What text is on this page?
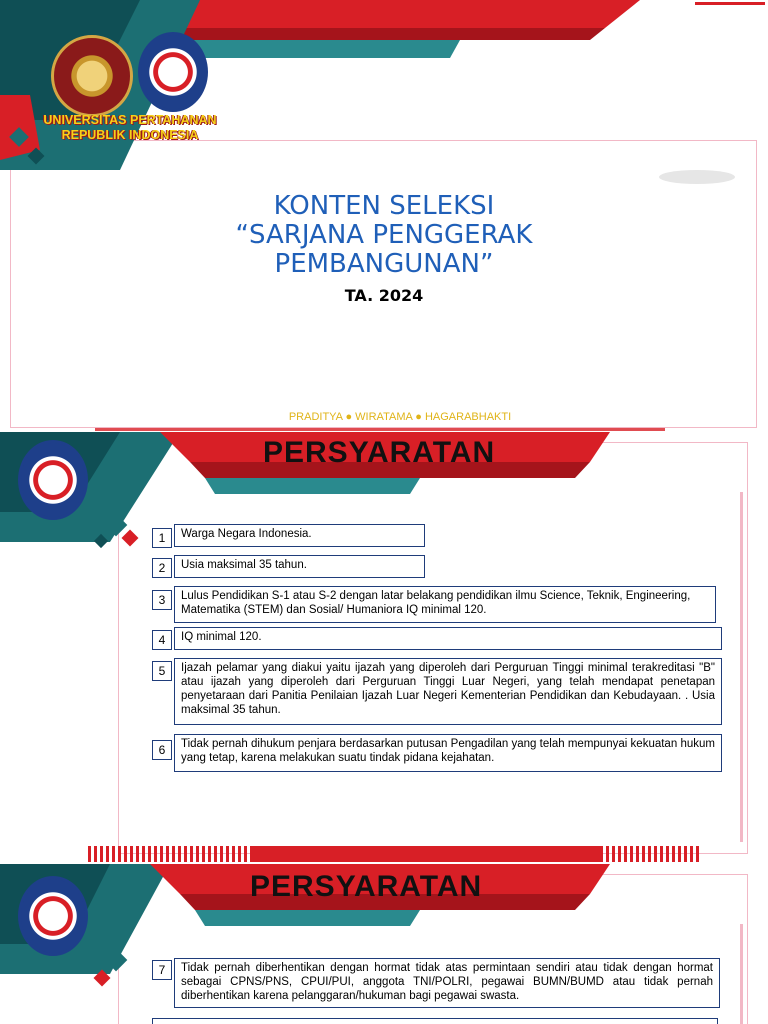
UNIVERSITAS PERTAHANAN
REPUBLIK INDONESIA
KONTEN SELEKSI
“SARJANA PENGGERAK
PEMBANGUNAN”
TA. 2024
PRADITYA ● WIRATAMA ● HAGARABHAKTI
PERSYARATAN
1	Warga Negara Indonesia.
2	Usia maksimal 35 tahun.
3	Lulus Pendidikan S-1 atau S-2 dengan latar belakang pendidikan ilmu Science, Teknik, Engineering, Matematika (STEM) dan Sosial/ Humaniora IQ minimal 120.
4	IQ minimal 120.
5	Ijazah pelamar yang diakui yaitu ijazah yang diperoleh dari Perguruan Tinggi minimal terakreditasi "B" atau ijazah yang diperoleh dari Perguruan Tinggi Luar Negeri, yang telah mendapat penetapan penyetaraan dari Panitia Penilaian Ijazah Luar Negeri Kementerian Pendidikan dan Kebudayaan. . Usia maksimal 35 tahun.
6	Tidak pernah dihukum penjara berdasarkan putusan Pengadilan yang telah mempunyai kekuatan hukum yang tetap, karena melakukan suatu tindak pidana kejahatan.
PERSYARATAN
7	Tidak pernah diberhentikan dengan hormat tidak atas permintaan sendiri atau tidak dengan hormat sebagai CPNS/PNS, CPUI/PUI, anggota TNI/POLRI, pegawai BUMN/BUMD atau tidak pernah diberhentikan karena pelanggaran/hukuman bagi pegawai swasta.
